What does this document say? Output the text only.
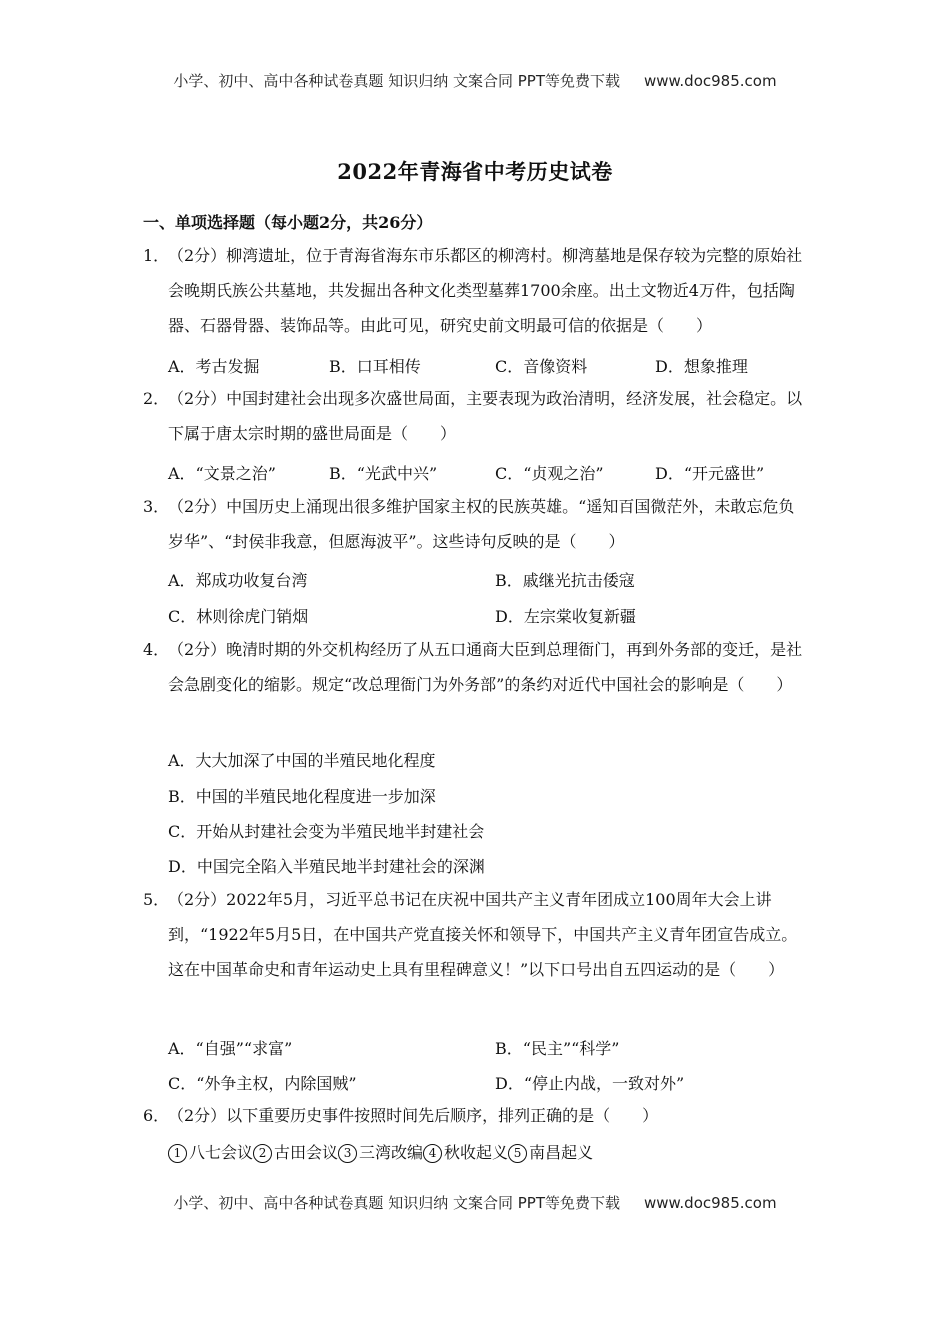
小学、初中、高中各种试卷真题 知识归纳 文案合同 PPT等免费下载 www.doc985.com
2022年青海省中考历史试卷
一、单项选择题（每小题2分，共26分）
1．
（2分）柳湾遗址，位于青海省海东市乐都区的柳湾村。柳湾墓地是保存较为完整的原始社会晚期氏族公共墓地，共发掘出各种文化类型墓葬1700余座。出土文物近4万件，包括陶器、石器骨器、装饰品等。由此可见，研究史前文明最可信的依据是（　　）
A．考古发掘	B．口耳相传	C．音像资料	D．想象推理
2．
（2分）中国封建社会出现多次盛世局面，主要表现为政治清明，经济发展，社会稳定。以下属于唐太宗时期的盛世局面是（　　）
A．“文景之治”	B．“光武中兴”	C．“贞观之治”	D．“开元盛世”
3．
（2分）中国历史上涌现出很多维护国家主权的民族英雄。“遥知百国微茫外，未敢忘危负岁华”、“封侯非我意，但愿海波平”。这些诗句反映的是（　　）
A．郑成功收复台湾	B．戚继光抗击倭寇
C．林则徐虎门销烟	D．左宗棠收复新疆
4．
（2分）晚清时期的外交机构经历了从五口通商大臣到总理衙门，再到外务部的变迁，是社会急剧变化的缩影。规定“改总理衙门为外务部”的条约对近代中国社会的影响是（　　）
A．大大加深了中国的半殖民地化程度
B．中国的半殖民地化程度进一步加深
C．开始从封建社会变为半殖民地半封建社会
D．中国完全陷入半殖民地半封建社会的深渊
5．
（2分）2022年5月，习近平总书记在庆祝中国共产主义青年团成立100周年大会上讲到，“1922年5月5日，在中国共产党直接关怀和领导下，中国共产主义青年团宣告成立。这在中国革命史和青年运动史上具有里程碑意义！”以下口号出自五四运动的是（　　）
A．“自强”“求富”	B．“民主”“科学”
C．“外争主权，内除国贼”	D．“停止内战，一致对外”
6．
（2分）以下重要历史事件按照时间先后顺序，排列正确的是（　　）
1 八七会议 2 古田会议 3 三湾改编 4 秋收起义 5 南昌起义
小学、初中、高中各种试卷真题 知识归纳 文案合同 PPT等免费下载 www.doc985.com
